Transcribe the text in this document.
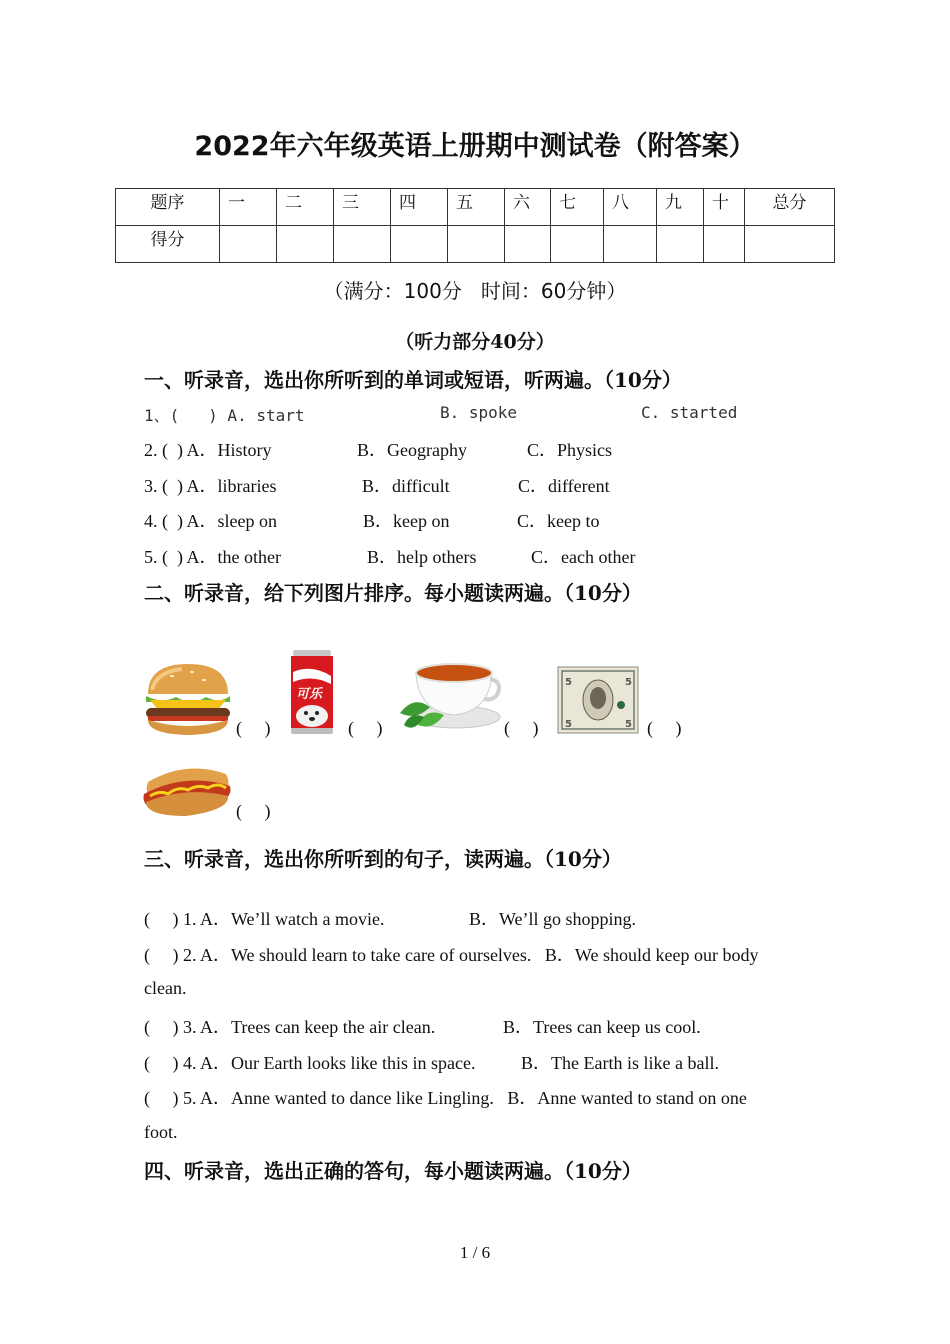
2022年六年级英语上册期中测试卷（附答案）
题序	一	二	三	四	五	六	七	八	九	十	总分
得分											
（满分：100分   时间：60分钟）
（听力部分40分）
一、听录音，选出你所听到的单词或短语，听两遍。（10分）
1、(   ) A. start	B. spoke	C. started
2. (  ) A．History	B．Geography	C．Physics
3. (  ) A．libraries	B．difficult	C．different
4. (  ) A．sleep on	B．keep on	C．keep to
5. (  ) A．the other	B．help others	C．each other
二、听录音，给下列图片排序。每小题读两遍。（10分）
(     )
可乐
(     )	(     )
5	5
5	5 (     )
(     )
三、听录音，选出你所听到的句子，读两遍。（10分）
(     ) 1. A．We’ll watch a movie.	B．We’ll go shopping.
(     ) 2. A．We should learn to take care of ourselves.   B．We should keep our body
clean.
(     ) 3. A．Trees can keep the air clean.	B．Trees can keep us cool.
(     ) 4. A．Our Earth looks like this in space.	B．The Earth is like a ball.
(     ) 5. A．Anne wanted to dance like Lingling.   B．Anne wanted to stand on one
foot.
四、听录音，选出正确的答句，每小题读两遍。（10分）
1 / 6
